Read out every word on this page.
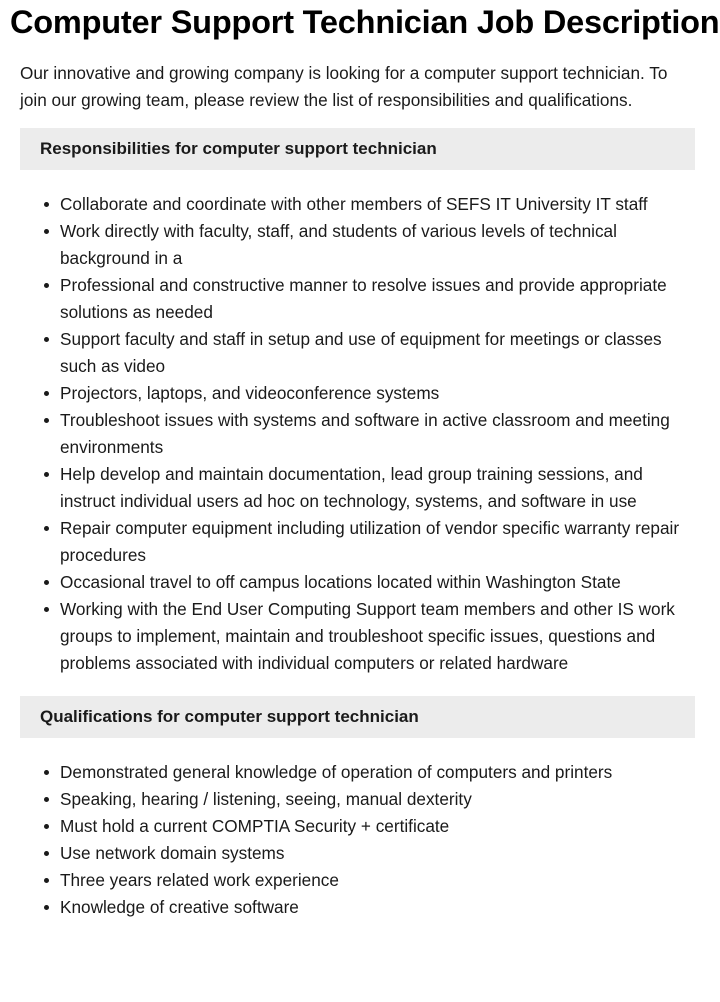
Computer Support Technician Job Description

Our innovative and growing company is looking for a computer support technician. To join our growing team, please review the list of responsibilities and qualifications.

Responsibilities for computer support technician
Collaborate and coordinate with other members of SEFS IT University IT staff
Work directly with faculty, staff, and students of various levels of technical background in a
Professional and constructive manner to resolve issues and provide appropriate solutions as needed
Support faculty and staff in setup and use of equipment for meetings or classes such as video
Projectors, laptops, and videoconference systems
Troubleshoot issues with systems and software in active classroom and meeting environments
Help develop and maintain documentation, lead group training sessions, and instruct individual users ad hoc on technology, systems, and software in use
Repair computer equipment including utilization of vendor specific warranty repair procedures
Occasional travel to off campus locations located within Washington State
Working with the End User Computing Support team members and other IS work groups to implement, maintain and troubleshoot specific issues, questions and problems associated with individual computers or related hardware
Qualifications for computer support technician
Demonstrated general knowledge of operation of computers and printers
Speaking, hearing / listening, seeing, manual dexterity
Must hold a current COMPTIA Security + certificate
Use network domain systems
Three years related work experience
Knowledge of creative software
